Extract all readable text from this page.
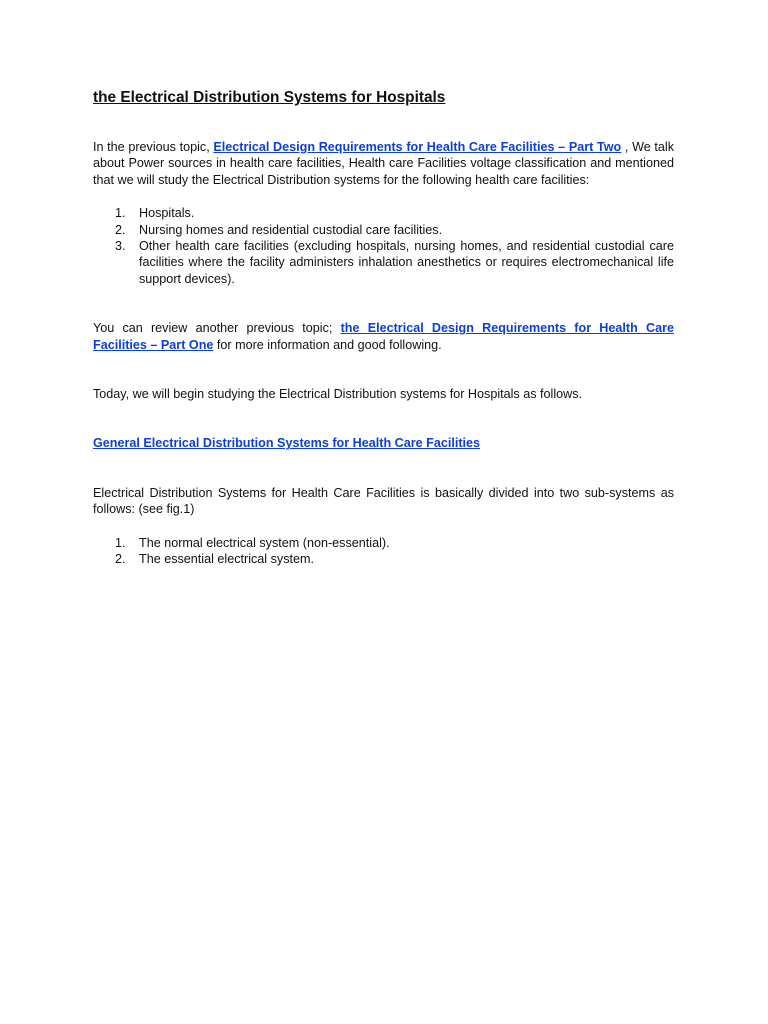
the Electrical Distribution Systems for Hospitals

In the previous topic, Electrical Design Requirements for Health Care Facilities – Part Two , We talk about Power sources in health care facilities, Health care Facilities voltage classification and mentioned that we will study the Electrical Distribution systems for the following health care facilities:

1. Hospitals.
2. Nursing homes and residential custodial care facilities.
3. Other health care facilities (excluding hospitals, nursing homes, and residential custodial care facilities where the facility administers inhalation anesthetics or requires electromechanical life support devices).

You can review another previous topic; the Electrical Design Requirements for Health Care Facilities – Part One for more information and good following.

Today, we will begin studying the Electrical Distribution systems for Hospitals as follows.

General Electrical Distribution Systems for Health Care Facilities

Electrical Distribution Systems for Health Care Facilities is basically divided into two sub-systems as follows: (see fig.1)

1. The normal electrical system (non-essential).
2. The essential electrical system.
